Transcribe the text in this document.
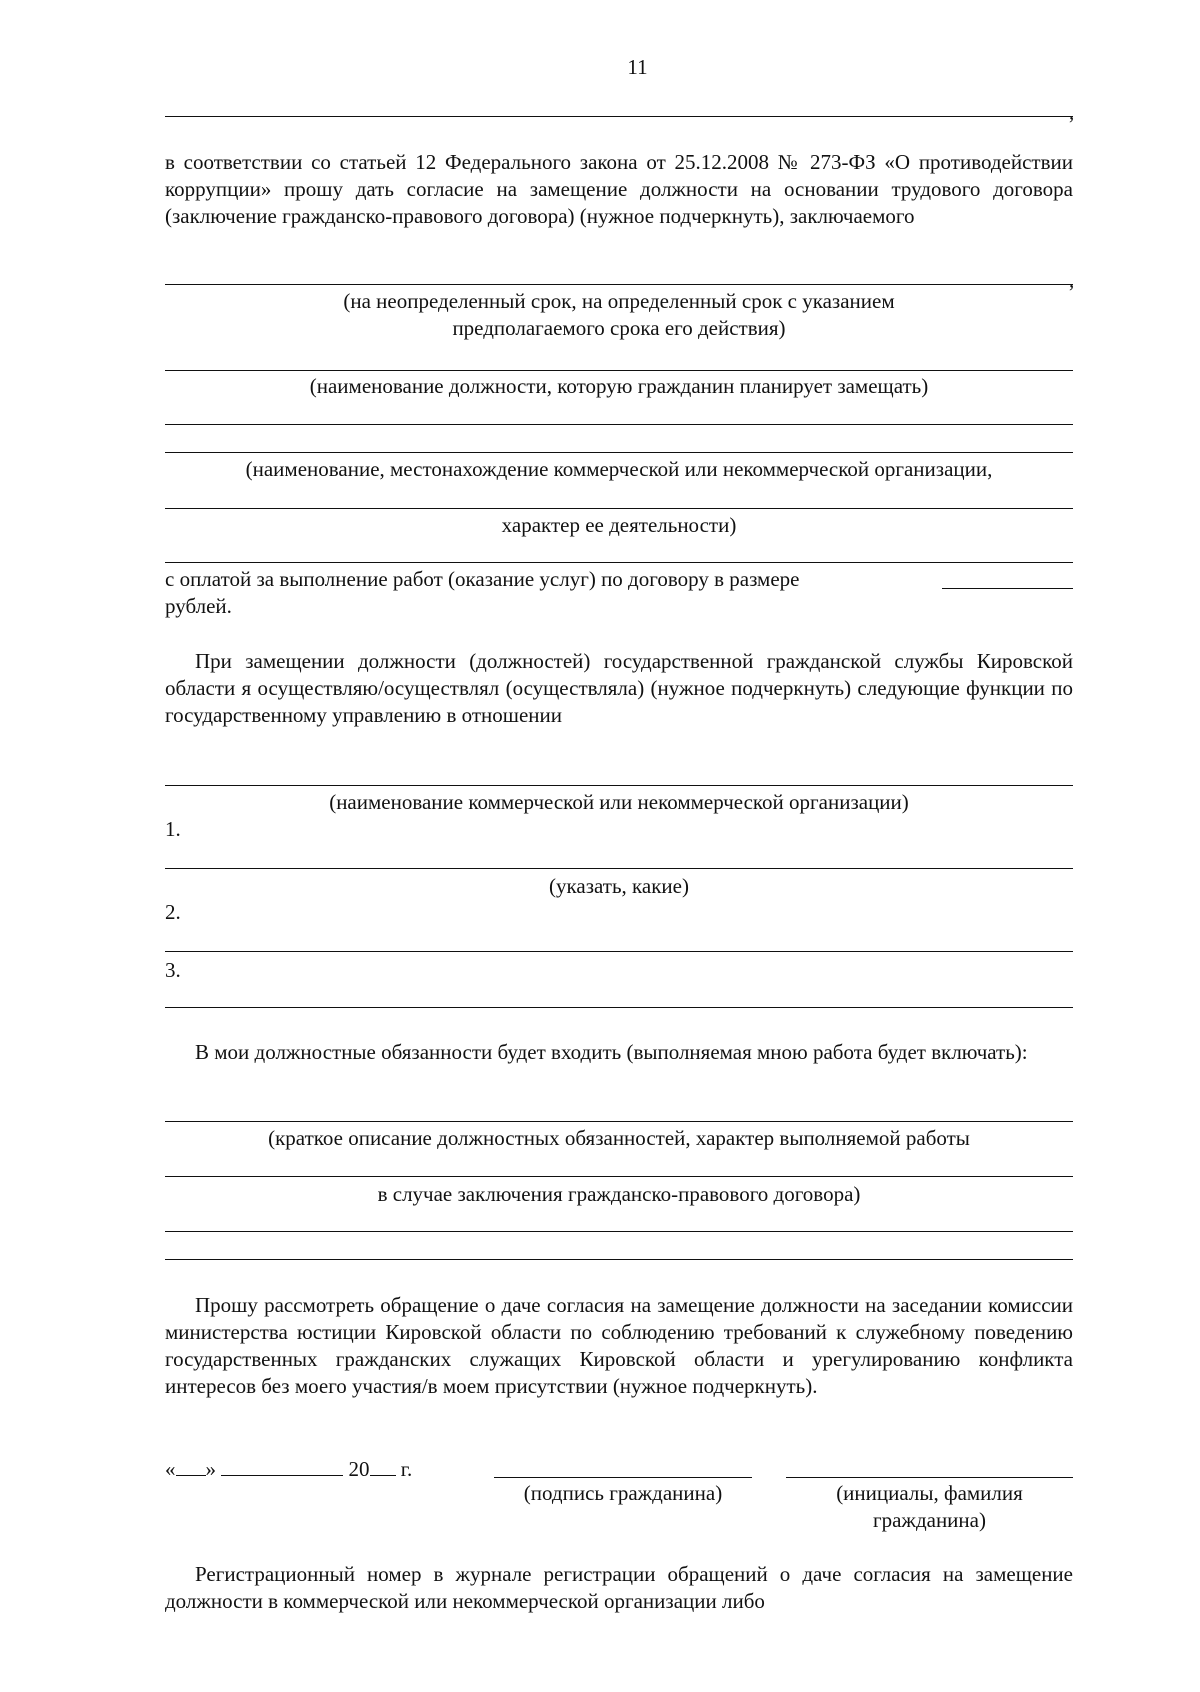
11
,
в соответствии со статьей 12 Федерального закона от 25.12.2008 № 273-ФЗ «О противодействии коррупции» прошу дать согласие на замещение должности на основании трудового договора (заключение гражданско-правового договора) (нужное подчеркнуть), заключаемого
,
(на неопределенный срок, на определенный срок с указанием
предполагаемого срока его действия)
(наименование должности, которую гражданин планирует замещать)
(наименование, местонахождение коммерческой или некоммерческой организации,
характер ее деятельности)
с оплатой за выполнение работ (оказание услуг) по договору в размере
рублей.
При замещении должности (должностей) государственной гражданской службы Кировской области я осуществляю/осуществлял (осуществляла) (нужное подчеркнуть) следующие функции по государственному управлению в отношении
(наименование коммерческой или некоммерческой организации)
1.
(указать, какие)
2.
3.
В мои должностные обязанности будет входить (выполняемая мною работа будет включать):
(краткое описание должностных обязанностей, характер выполняемой работы
в случае заключения гражданско-правового договора)
Прошу рассмотреть обращение о даче согласия на замещение должности на заседании комиссии министерства юстиции Кировской области по соблюдению требований к служебному поведению государственных гражданских служащих Кировской области и урегулированию конфликта интересов без моего участия/в моем присутствии (нужное подчеркнуть).
« »	20 г.
(подпись гражданина)	(инициалы, фамилия
гражданина)
Регистрационный номер в журнале регистрации обращений о даче согласия на замещение должности в коммерческой или некоммерческой организации либо
